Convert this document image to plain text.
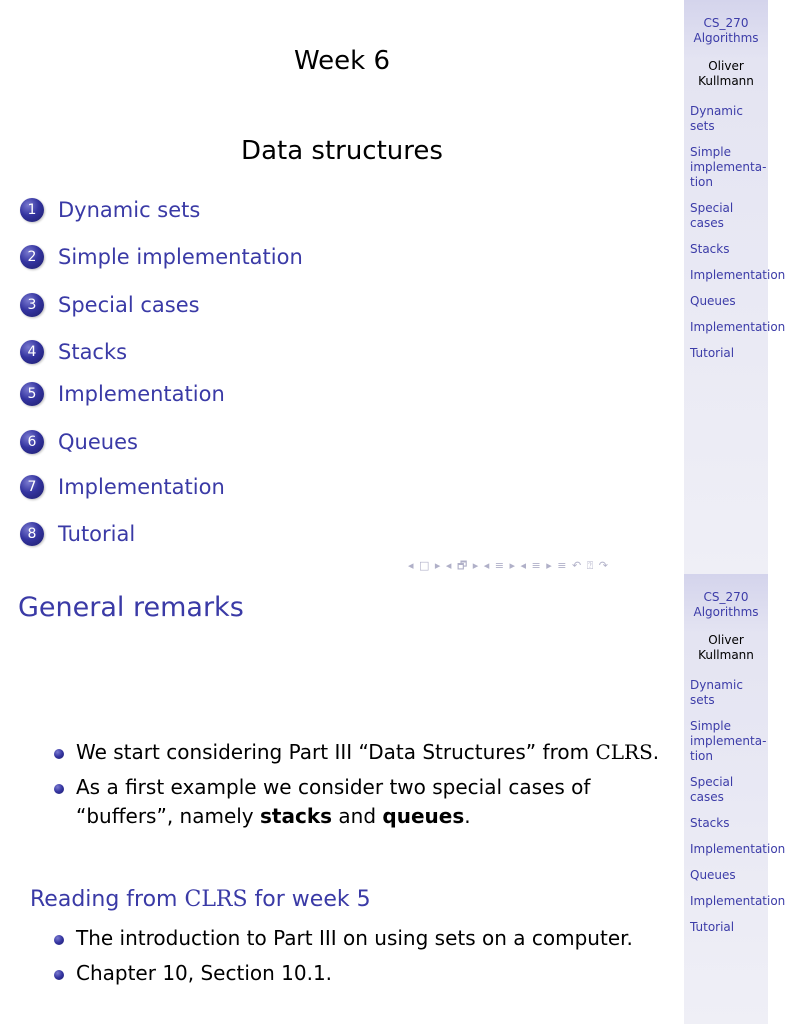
Week 6
Data structures
1	Dynamic sets
2	Simple implementation
3	Special cases
4	Stacks
5	Implementation
6	Queues
7	Implementation
8	Tutorial
◂ □ ▸ ◂ 🗗 ▸ ◂ ≡ ▸ ◂ ≡ ▸ ≡ ↶ ⍰ ↷
CS_270
Algorithms
Oliver
Kullmann
Dynamic sets
Simple implementa-tion
Special cases
Stacks
Implementation
Queues
Implementation
Tutorial
General remarks
We start considering Part III “Data Structures” from CLRS.
As a first example we consider two special cases of “buffers”, namely stacks and queues.
Reading from CLRS for week 5
The introduction to Part III on using sets on a computer.
Chapter 10, Section 10.1.
CS_270
Algorithms
Oliver
Kullmann
Dynamic sets
Simple implementa-tion
Special cases
Stacks
Implementation
Queues
Implementation
Tutorial
